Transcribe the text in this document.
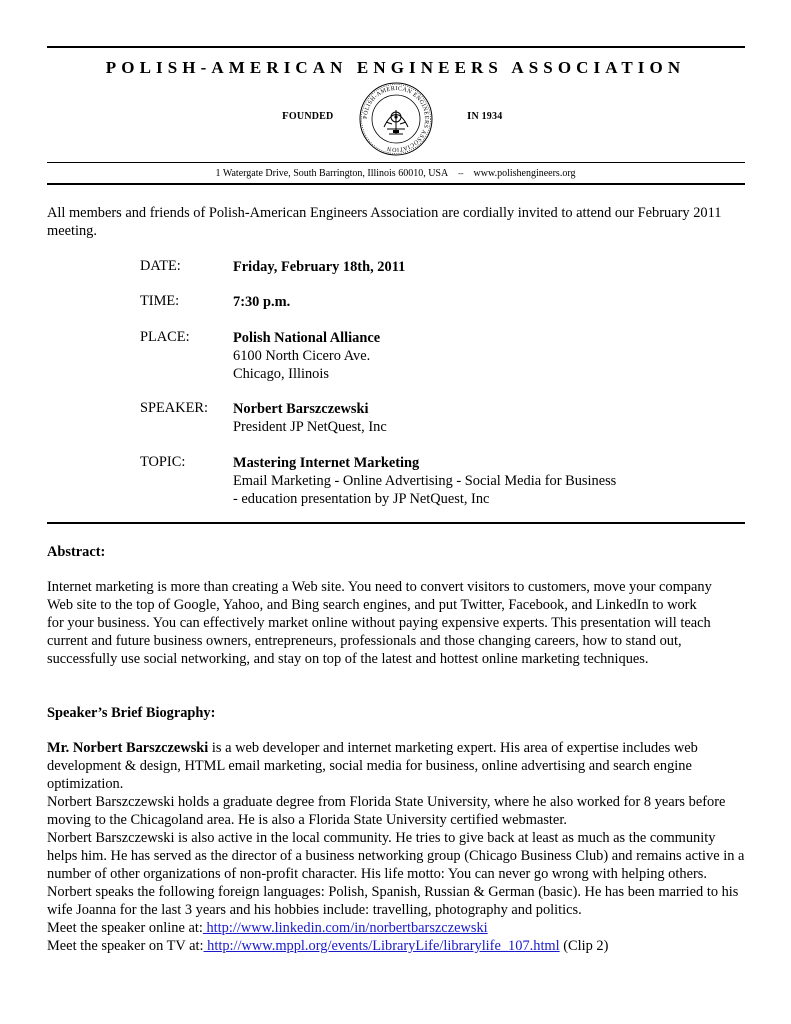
POLISH-AMERICAN ENGINEERS ASSOCIATION
FOUNDED	IN 1934
POLISH-AMERICAN ENGINEERS ASSOCIATION
1 Watergate Drive, South Barrington, Illinois 60010, USA -- www.polishengineers.org
All members and friends of Polish-American Engineers Association are cordially invited to attend our February 2011 meeting.
DATE:	Friday, February 18th, 2011
TIME:	7:30 p.m.
PLACE:	Polish National Alliance
6100 North Cicero Ave.
Chicago, Illinois
SPEAKER: Norbert Barszczewski
President JP NetQuest, Inc
TOPIC:	Mastering Internet Marketing
Email Marketing - Online Advertising - Social Media for Business
- education presentation by JP NetQuest, Inc
Abstract:
Internet marketing is more than creating a Web site. You need to convert visitors to customers, move your company Web site to the top of Google, Yahoo, and Bing search engines, and put Twitter, Facebook, and LinkedIn to work for your business. You can effectively market online without paying expensive experts. This presentation will teach current and future business owners, entrepreneurs, professionals and those changing careers, how to stand out, successfully use social networking, and stay on top of the latest and hottest online marketing techniques.
Speaker’s Brief Biography:
Mr. Norbert Barszczewski is a web developer and internet marketing expert. His area of expertise includes web development & design, HTML email marketing, social media for business, online advertising and search engine optimization.
Norbert Barszczewski holds a graduate degree from Florida State University, where he also worked for 8 years before moving to the Chicagoland area. He is also a Florida State University certified webmaster.
Norbert Barszczewski is also active in the local community. He tries to give back at least as much as the community helps him. He has served as the director of a business networking group (Chicago Business Club) and remains active in a number of other organizations of non-profit character. His life motto: You can never go wrong with helping others.
Norbert speaks the following foreign languages: Polish, Spanish, Russian & German (basic). He has been married to his wife Joanna for the last 3 years and his hobbies include: travelling, photography and politics.
Meet the speaker online at: http://www.linkedin.com/in/norbertbarszczewski
Meet the speaker on TV at: http://www.mppl.org/events/LibraryLife/librarylife_107.html (Clip 2)
